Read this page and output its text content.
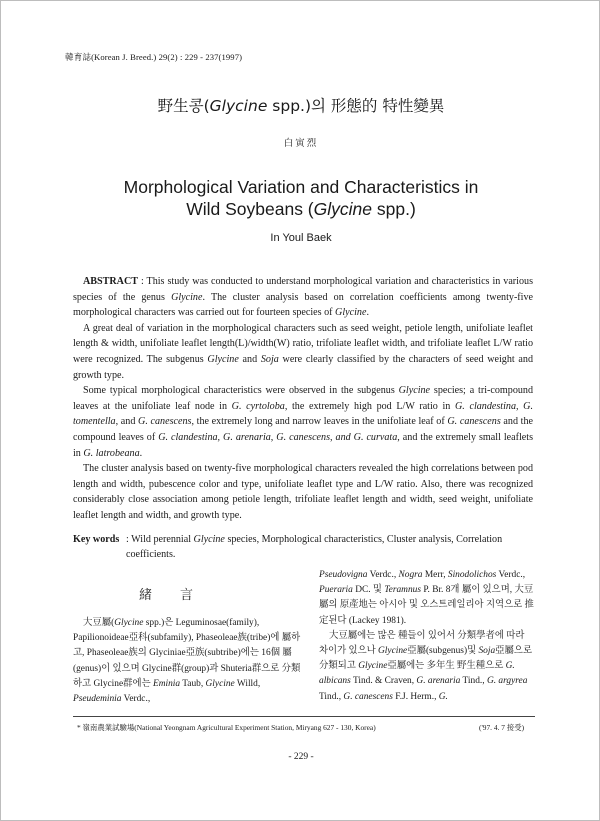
韓育誌(Korean J. Breed.) 29(2) : 229 - 237(1997)
野生콩(Glycine spp.)의 形態的 特性變異
白寅烈
Morphological Variation and Characteristics in
Wild Soybeans (Glycine spp.)
In Youl Baek

ABSTRACT : This study was conducted to understand morphological variation and characteristics in various species of the genus Glycine. The cluster analysis based on correlation coefficients among twenty-five morphological characters was carried out for fourteen species of Glycine.

A great deal of variation in the morphological characters such as seed weight, petiole length, unifoliate leaflet length & width, unifoliate leaflet length(L)/width(W) ratio, trifoliate leaflet width, and trifoliate leaflet L/W ratio were recognized. The subgenus Glycine and Soja were clearly classified by the characters of seed weight and growth type.

Some typical morphological characteristics were observed in the subgenus Glycine species; a tri-compound leaves at the unifoliate leaf node in G. cyrtoloba, the extremely high pod L/W ratio in G. clandestina, G. tomentella, and G. canescens, the extremely long and narrow leaves in the unifoliate leaf of G. canescens and the compound leaves of G. clandestina, G. arenaria, G. canescens, and G. curvata, and the extremely small leaflets in G. latrobeana.

The cluster analysis based on twenty-five morphological characters revealed the high correlations between pod length and width, pubescence color and type, unifoliate leaflet type and L/W ratio. Also, there was recognized considerably close association among petiole length, trifoliate leaflet length and width, seed weight, unifoliate leaflet length and width, and growth type.

Key words : Wild perennial Glycine species, Morphological characteristics, Cluster analysis, Correlation coefficients.
緒言

大豆屬(Glycine spp.)은 Leguminosae(family), Papilionoideae亞科(subfamily), Phaseoleae族(tribe)에 屬하고, Phaseoleae族의 Glyciniae亞族(subtribe)에는 16個 屬(genus)이 있으며 Glycine群(group)과 Shuteria群으로 分類하고 Glycine群에는 Eminia Taub, Glycine Willd, Pseudeminia Verdc.,

Pseudovigna Verdc., Nogra Merr, Sinodolichos Verdc., Pueraria DC. 및 Teramnus P. Br. 8개 屬이 있으며, 大豆屬의 原產地는 아시아 및 오스트레일리아 지역으로 推定된다 (Lackey 1981).

大豆屬에는 많은 種들이 있어서 分類學者에 따라 차이가 있으나 Glycine亞屬(subgenus)및 Soja亞屬으로 分類되고 Glycine亞屬에는 多年生 野生種으로 G. albicans Tind. & Craven, G. arenaria Tind., G. argyrea Tind., G. canescens F.J. Herm., G.

* 嶺南農業試驗場(National Yeongnam Agricultural Experiment Station, Miryang 627 - 130, Korea)	('97. 4. 7 接受)
- 229 -
